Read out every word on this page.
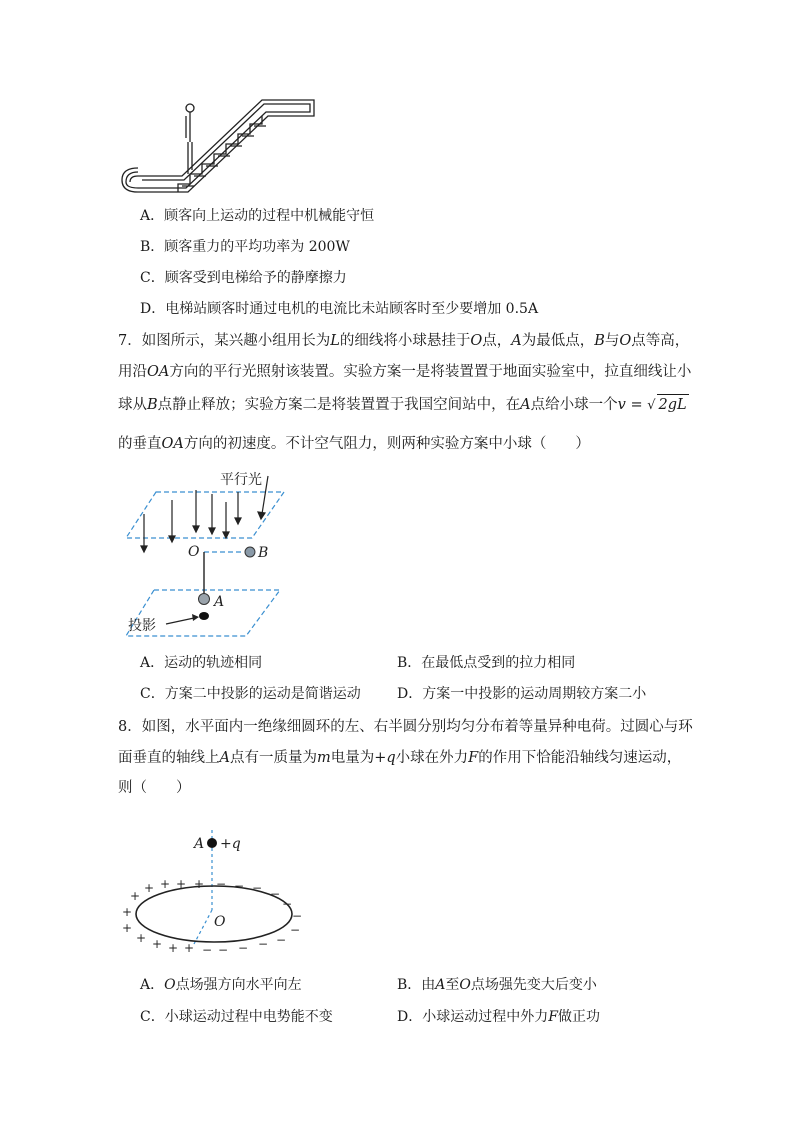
A．顾客向上运动的过程中机械能守恒
B．顾客重力的平均功率为 200W
C．顾客受到电梯给予的静摩擦力
D．电梯站顾客时通过电机的电流比未站顾客时至少要增加 0.5A
7．如图所示，某兴趣小组用长为L的细线将小球悬挂于O点，A为最低点，B与O点等高，
用沿OA方向的平行光照射该装置。实验方案一是将装置置于地面实验室中，拉直细线让小
球从B点静止释放；实验方案二是将装置置于我国空间站中，在A点给小球一个v = √ 2gL
的垂直OA方向的初速度。不计空气阻力，则两种实验方案中小球（　　）
平行光
O	B
A
投影
A．运动的轨迹相同	B．在最低点受到的拉力相同
C．方案二中投影的运动是简谐运动	D．方案一中投影的运动周期较方案二小
8．如图，水平面内一绝缘细圆环的左、右半圆分别均匀分布着等量异种电荷。过圆心与环
面垂直的轴线上A点有一质量为m电量为+q小球在外力F的作用下恰能沿轴线匀速运动，
则（　　）
A +q
O
+
+
+
+ + + +
+ + + +
− − − −
−
−
−
−
−
−
−
−
A．O点场强方向水平向左	B．由A至O点场强先变大后变小
C．小球运动过程中电势能不变	D．小球运动过程中外力F做正功
